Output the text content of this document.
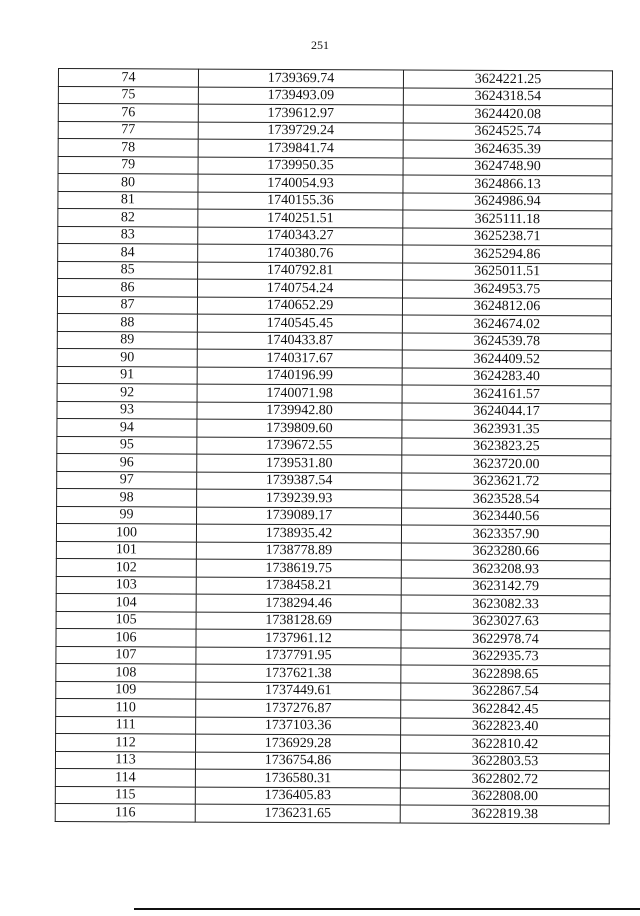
251
74	1739369.74	3624221.25
75	1739493.09	3624318.54
76	1739612.97	3624420.08
77	1739729.24	3624525.74
78	1739841.74	3624635.39
79	1739950.35	3624748.90
80	1740054.93	3624866.13
81	1740155.36	3624986.94
82	1740251.51	3625111.18
83	1740343.27	3625238.71
84	1740380.76	3625294.86
85	1740792.81	3625011.51
86	1740754.24	3624953.75
87	1740652.29	3624812.06
88	1740545.45	3624674.02
89	1740433.87	3624539.78
90	1740317.67	3624409.52
91	1740196.99	3624283.40
92	1740071.98	3624161.57
93	1739942.80	3624044.17
94	1739809.60	3623931.35
95	1739672.55	3623823.25
96	1739531.80	3623720.00
97	1739387.54	3623621.72
98	1739239.93	3623528.54
99	1739089.17	3623440.56
100	1738935.42	3623357.90
101	1738778.89	3623280.66
102	1738619.75	3623208.93
103	1738458.21	3623142.79
104	1738294.46	3623082.33
105	1738128.69	3623027.63
106	1737961.12	3622978.74
107	1737791.95	3622935.73
108	1737621.38	3622898.65
109	1737449.61	3622867.54
110	1737276.87	3622842.45
111	1737103.36	3622823.40
112	1736929.28	3622810.42
113	1736754.86	3622803.53
114	1736580.31	3622802.72
115	1736405.83	3622808.00
116	1736231.65	3622819.38
